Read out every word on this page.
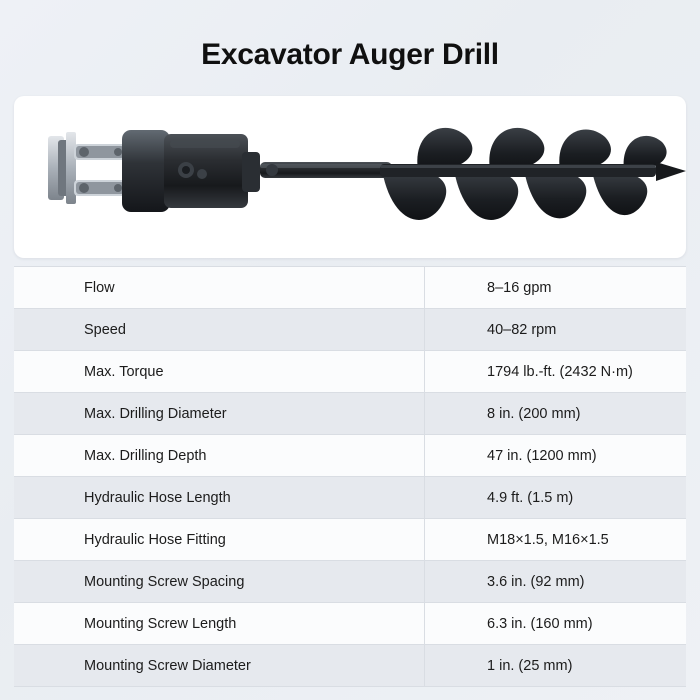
Excavator Auger Drill
Flow	8–16 gpm
Speed	40–82 rpm
Max. Torque	1794 lb.-ft. (2432 N·m)
Max. Drilling Diameter	8 in. (200 mm)
Max. Drilling Depth	47 in. (1200 mm)
Hydraulic Hose Length	4.9 ft. (1.5 m)
Hydraulic Hose Fitting	M18×1.5, M16×1.5
Mounting Screw Spacing	3.6 in. (92 mm)
Mounting Screw Length	6.3 in. (160 mm)
Mounting Screw Diameter	1 in. (25 mm)
